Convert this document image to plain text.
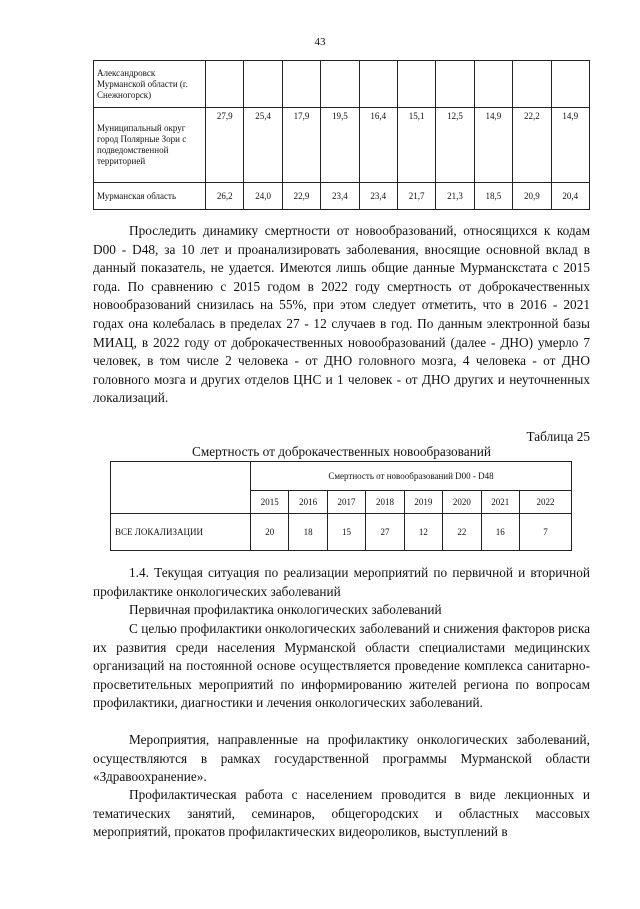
43
Александровск Мурманской области (г. Снежногорск)										
Муниципальный округ город Полярные Зори с подведомственной территорией	27,9	25,4	17,9	19,5	16,4	15,1	12,5	14,9	22,2	14,9
Мурманская область	26,2	24,0	22,9	23,4	23,4	21,7	21,3	18,5	20,9	20,4

Проследить динамику смертности от новообразований, относящихся к кодам D00 - D48, за 10 лет и проанализировать заболевания, вносящие основной вклад в данный показатель, не удается. Имеются лишь общие данные Мурманскстата с 2015 года. По сравнению с 2015 годом в 2022 году смертность от доброкачественных новообразований снизилась на 55%, при этом следует отметить, что в 2016 - 2021 годах она колебалась в пределах 27 - 12 случаев в год. По данным электронной базы МИАЦ, в 2022 году от доброкачественных новообразований (далее - ДНО) умерло 7 человек, в том числе 2 человека - от ДНО головного мозга, 4 человека - от ДНО головного мозга и других отделов ЦНС и 1 человек - от ДНО других и неуточненных локализаций.

Таблица 25

Смертность от доброкачественных новообразований

	Смертность от новообразований D00 - D48							
	2015	2016	2017	2018	2019	2020	2021	2022
ВСЕ ЛОКАЛИЗАЦИИ	20	18	15	27	12	22	16	7

1.4. Текущая ситуация по реализации мероприятий по первичной и вторичной профилактике онкологических заболеваний

Первичная профилактика онкологических заболеваний

С целью профилактики онкологических заболеваний и снижения факторов риска их развития среди населения Мурманской области специалистами медицинских организаций на постоянной основе осуществляется проведение комплекса санитарно-просветительных мероприятий по информированию жителей региона по вопросам профилактики, диагностики и лечения онкологических заболеваний.

Мероприятия, направленные на профилактику онкологических заболеваний, осуществляются в рамках государственной программы Мурманской области «Здравоохранение».

Профилактическая работа с населением проводится в виде лекционных и тематических занятий, семинаров, общегородских и областных массовых мероприятий, прокатов профилактических видеороликов, выступлений в
